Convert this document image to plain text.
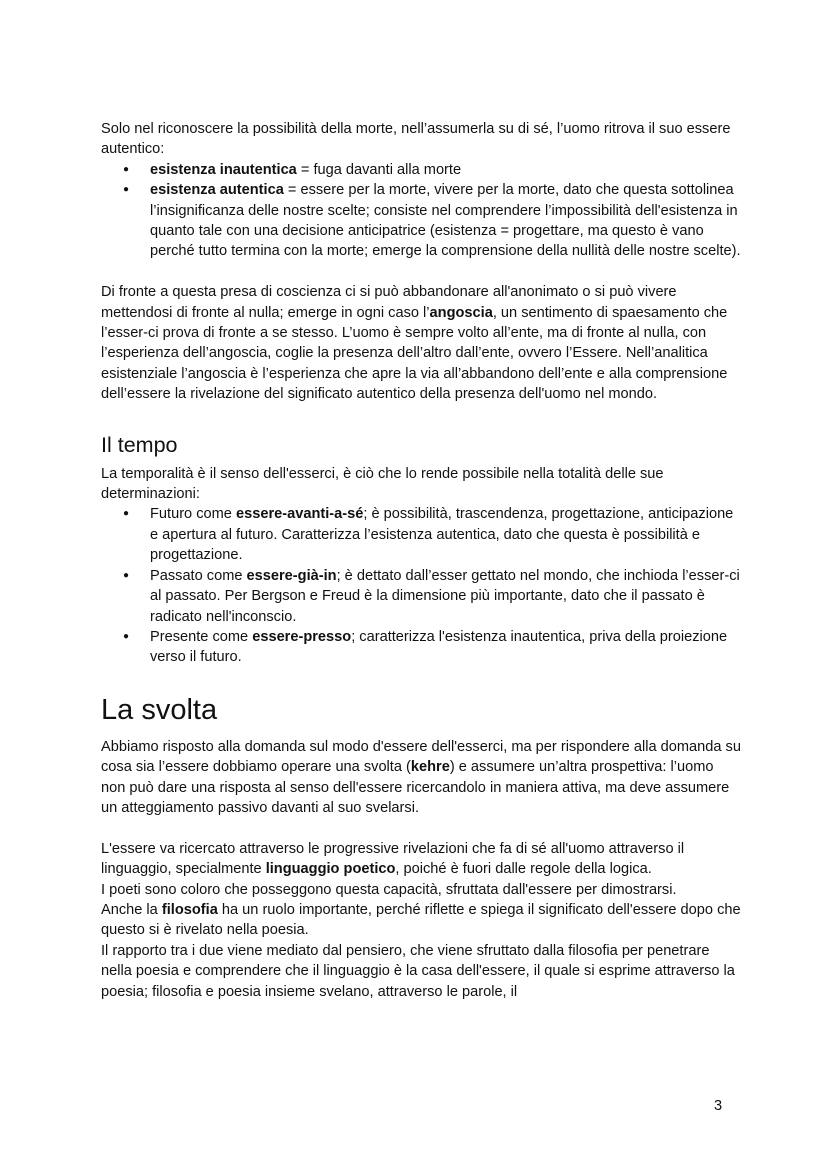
Solo nel riconoscere la possibilità della morte, nell’assumerla su di sé, l’uomo ritrova il suo essere autentico:

● esistenza inautentica = fuga davanti alla morte
● esistenza autentica = essere per la morte, vivere per la morte, dato che questa sottolinea l’insignificanza delle nostre scelte; consiste nel comprendere l’impossibilità dell'esistenza in quanto tale con una decisione anticipatrice (esistenza = progettare, ma questo è vano perché tutto termina con la morte; emerge la comprensione della nullità delle nostre scelte).

Di fronte a questa presa di coscienza ci si può abbandonare all'anonimato o si può vivere mettendosi di fronte al nulla; emerge in ogni caso l’angoscia, un sentimento di spaesamento che l’esser-ci prova di fronte a se stesso. L’uomo è sempre volto all’ente, ma di fronte al nulla, con l’esperienza dell’angoscia, coglie la presenza dell’altro dall’ente, ovvero l’Essere. Nell’analitica esistenziale l’angoscia è l’esperienza che apre la via all’abbandono dell’ente e alla comprensione dell’essere la rivelazione del significato autentico della presenza dell'uomo nel mondo.

Il tempo

La temporalità è il senso dell'esserci, è ciò che lo rende possibile nella totalità delle sue determinazioni:

● Futuro come essere-avanti-a-sé; è possibilità, trascendenza, progettazione, anticipazione e apertura al futuro. Caratterizza l’esistenza autentica, dato che questa è possibilità e progettazione.
● Passato come essere-già-in; è dettato dall’esser gettato nel mondo, che inchioda l’esser-ci al passato. Per Bergson e Freud è la dimensione più importante, dato che il passato è radicato nell'inconscio.
● Presente come essere-presso; caratterizza l'esistenza inautentica, priva della proiezione verso il futuro.
La svolta

Abbiamo risposto alla domanda sul modo d'essere dell'esserci, ma per rispondere alla domanda su cosa sia l’essere dobbiamo operare una svolta (kehre) e assumere un’altra prospettiva: l’uomo non può dare una risposta al senso dell'essere ricercandolo in maniera attiva, ma deve assumere un atteggiamento passivo davanti al suo svelarsi.

L'essere va ricercato attraverso le progressive rivelazioni che fa di sé all'uomo attraverso il linguaggio, specialmente linguaggio poetico, poiché è fuori dalle regole della logica.

I poeti sono coloro che posseggono questa capacità, sfruttata dall'essere per dimostrarsi.

Anche la filosofia ha un ruolo importante, perché riflette e spiega il significato dell'essere dopo che questo si è rivelato nella poesia.

Il rapporto tra i due viene mediato dal pensiero, che viene sfruttato dalla filosofia per penetrare nella poesia e comprendere che il linguaggio è la casa dell'essere, il quale si esprime attraverso la poesia; filosofia e poesia insieme svelano, attraverso le parole, il

3
